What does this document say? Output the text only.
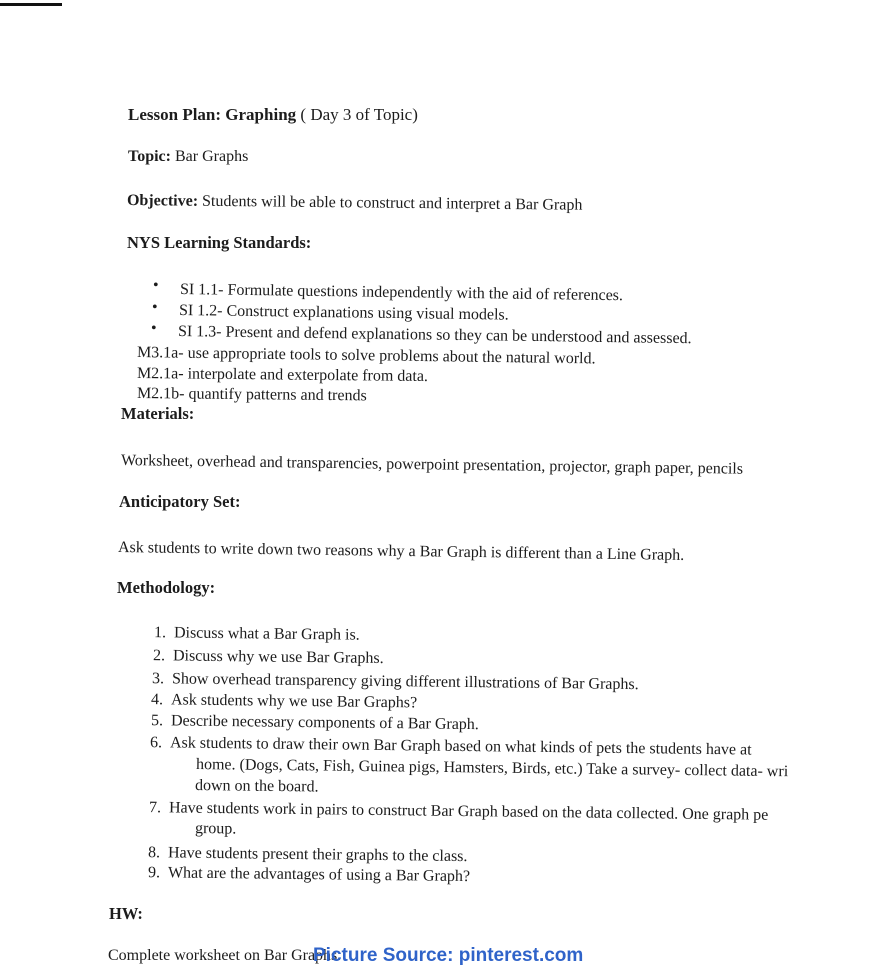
Lesson Plan: Graphing ( Day 3 of Topic)
Topic: Bar Graphs
Objective: Students will be able to construct and interpret a Bar Graph
NYS Learning Standards:
• SI 1.1- Formulate questions independently with the aid of references.
• SI 1.2- Construct explanations using visual models.
• SI 1.3- Present and defend explanations so they can be understood and assessed.
M3.1a- use appropriate tools to solve problems about the natural world.
M2.1a- interpolate and exterpolate from data.
M2.1b- quantify patterns and trends
Materials:
Worksheet, overhead and transparencies, powerpoint presentation, projector, graph paper, pencils
Anticipatory Set:
Ask students to write down two reasons why a Bar Graph is different than a Line Graph.
Methodology:
1. Discuss what a Bar Graph is.
2. Discuss why we use Bar Graphs.
3. Show overhead transparency giving different illustrations of Bar Graphs.
4. Ask students why we use Bar Graphs?
5. Describe necessary components of a Bar Graph.
6. Ask students to draw their own Bar Graph based on what kinds of pets the students have at
home. (Dogs, Cats, Fish, Guinea pigs, Hamsters, Birds, etc.) Take a survey- collect data- wri
down on the board.
7. Have students work in pairs to construct Bar Graph based on the data collected. One graph pe
group.
8. Have students present their graphs to the class.
9. What are the advantages of using a Bar Graph?
HW:
Complete worksheet on Bar Graphs.
Picture Source: pinterest.com
